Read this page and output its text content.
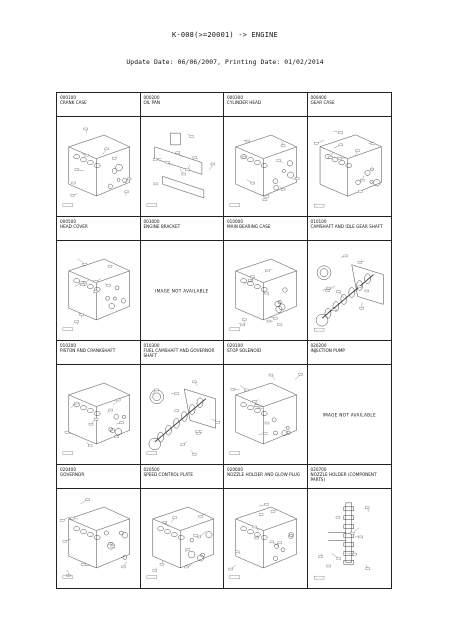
K-008(>=20001) -> ENGINE
Update Date: 06/06/2007, Printing Date: 01/02/2014
000100
CRANK CASE
000200
OIL PAN
000300
CYLINDER HEAD
000400
GEAR CASE
000500
HEAD COVER
003000
ENGINE BRACKET
IMAGE NOT AVAILABLE
010000
MAIN BEARING CASE
010100
CAMSHAFT AND IDLE GEAR SHAFT
010200
PISTON AND CRANKSHAFT
010300
FUEL CAMSHAFT AND GOVERNOR SHAFT
020100
STOP SOLENOID
020200
INJECTION PUMP
IMAGE NOT AVAILABLE
020400
GOVERNOR
020500
SPEED CONTROL PLATE
020600
NOZZLE HOLDER AND GLOW PLUG
020700
NOZZLE HOLDER (COMPONENT PARTS)
